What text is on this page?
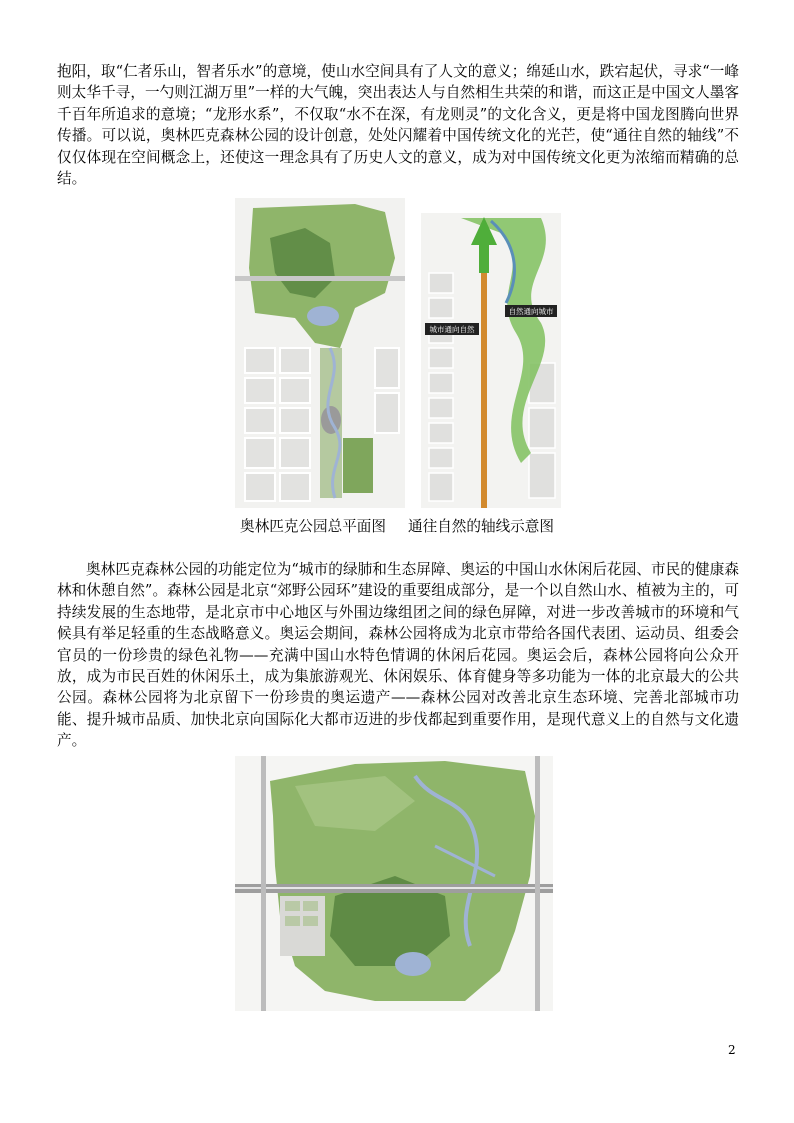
抱阳，取“仁者乐山，智者乐水”的意境，使山水空间具有了人文的意义；绵延山水，跌宕起伏，寻求“一峰则太华千寻，一勺则江湖万里”一样的大气魄，突出表达人与自然相生共荣的和谐，而这正是中国文人墨客千百年所追求的意境；“龙形水系”，不仅取“水不在深，有龙则灵”的文化含义，更是将中国龙图腾向世界传播。可以说，奥林匹克森林公园的设计创意，处处闪耀着中国传统文化的光芒，使“通往自然的轴线”不仅仅体现在空间概念上，还使这一理念具有了历史人文的意义，成为对中国传统文化更为浓缩而精确的总结。

自然通向城市
城市通向自然
奥林匹克公园总平面图 通往自然的轴线示意图

奥林匹克森林公园的功能定位为“城市的绿肺和生态屏障、奥运的中国山水休闲后花园、市民的健康森林和休憩自然”。森林公园是北京“郊野公园环”建设的重要组成部分，是一个以自然山水、植被为主的，可持续发展的生态地带，是北京市中心地区与外围边缘组团之间的绿色屏障，对进一步改善城市的环境和气候具有举足轻重的生态战略意义。奥运会期间，森林公园将成为北京市带给各国代表团、运动员、组委会官员的一份珍贵的绿色礼物——充满中国山水特色情调的休闲后花园。奥运会后，森林公园将向公众开放，成为市民百姓的休闲乐土，成为集旅游观光、休闲娱乐、体育健身等多功能为一体的北京最大的公共公园。森林公园将为北京留下一份珍贵的奥运遗产——森林公园对改善北京生态环境、完善北部城市功能、提升城市品质、加快北京向国际化大都市迈进的步伐都起到重要作用，是现代意义上的自然与文化遗产。

2
